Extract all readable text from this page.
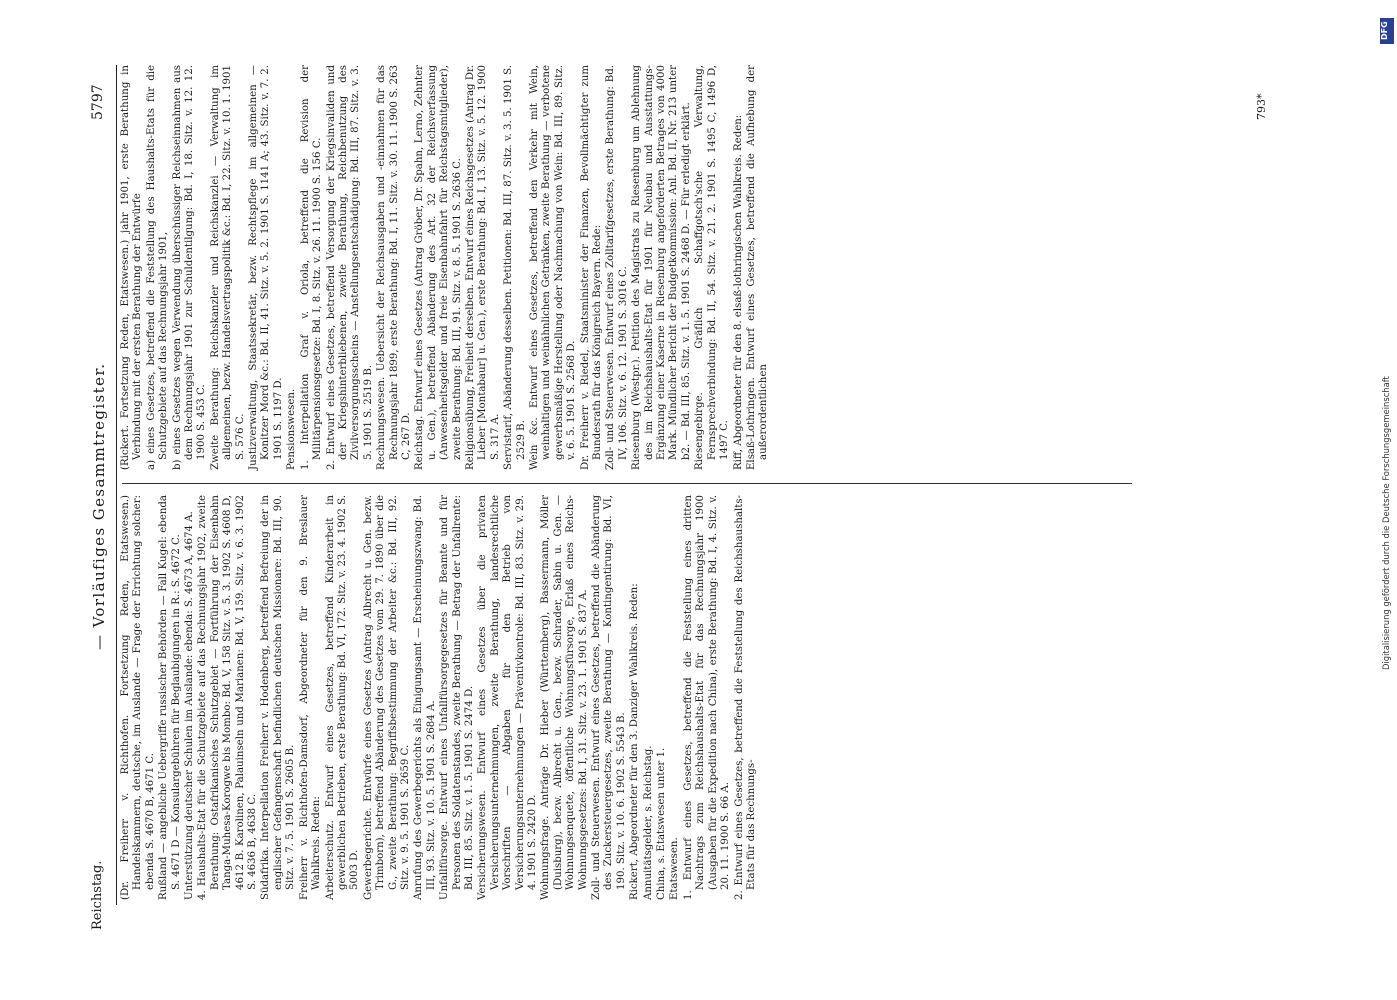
Reichstag.
— Vorläufiges Gesammtregister.
5797

(Dr. Freiherr v. Richthofen. Fortsetzung Reden, Etatswesen.) Handelskammern, deutsche, im Auslande — Frage der Errichtung solcher: ebenda S. 4670 B, 4671 C. Rußland — angebliche Uebergriffe russischer Behörden — Fall Kugel: ebenda S. 4671 D — Konsulargebühren für Beglaubigungen in R.: S. 4672 C. Unterstützung deutscher Schulen im Auslande: ebenda: S. 4673 A, 4674 A. 4. Haushalts-Etat für die Schutzgebiete auf das Rechnungsjahr 1902, zweite Berathung: Ostafrikanisches Schutzgebiet — Fortführung der Eisenbahn Tanga-Muhesa-Korogwe bis Mombo: Bd. V, 158 Sitz. v. 5. 3. 1902 S. 4608 D, 4612 B. Karolinen, Palauinseln und Marianen: Bd. V, 159. Sitz. v. 6. 3. 1902 S. 4636 B, 4638 C. Südafrika. Interpellation Freiherr v. Hodenberg, betreffend Befreiung der in englischer Gefangenschaft befindlichen deutschen Missionare: Bd. III, 90. Sitz. v. 7. 5. 1901 S. 2605 B. Freiherr v. Richthofen-Damsdorf, Abgeordneter für den 9. Breslauer Wahlkreis. Reden: Arbeiterschutz. Entwurf eines Gesetzes, betreffend Kinderarbeit in gewerblichen Betrieben, erste Berathung: Bd. VI, 172. Sitz. v. 23. 4. 1902 S. 5003 D. Gewerbegerichte. Entwürfe eines Gesetzes (Antrag Albrecht u. Gen. bezw. Trimborn), betreffend Abänderung des Gesetzes vom 29. 7. 1890 über die G., zweite Berathung: Begriffsbestimmung der Arbeiter &c.: Bd. III, 92. Sitz. v. 9. 5. 1901 S. 2659 C. Anrufung des Gewerbegerichts als Einigungsamt — Erscheinungszwang: Bd. III, 93. Sitz. v. 10. 5. 1901 S. 2684 A. Unfallfürsorge. Entwurf eines Unfallfürsorgegesetzes für Beamte und für Personen des Soldatenstandes, zweite Berathung — Betrag der Unfallrente: Bd. III, 85. Sitz. v. 1. 5. 1901 S. 2474 D. Versicherungswesen. Entwurf eines Gesetzes über die privaten Versicherungsunternehmungen, zweite Berathung, landesrechtliche Vorschriften — Abgaben für den Betrieb von Versicherungsunternehmungen — Präventivkontrole: Bd. III, 83. Sitz. v. 29. 4. 1901 S. 2420 D. Wohnungsfrage. Anträge Dr. Hieber (Württemberg), Bassermann, Möller (Duisburg), bezw. Albrecht u. Gen., bezw. Schrader, Sabin u. Gen. — Wohnungsenquete, öffentliche Wohnungsfürsorge, Erlaß eines Reichs-Wohnungsgesetzes: Bd. I, 31. Sitz. v. 23. 1. 1901 S. 837 A. Zoll- und Steuerwesen. Entwurf eines Gesetzes, betreffend die Abänderung des Zuckersteuergesetzes, zweite Berathung — Kontingentirung: Bd. VI, 190. Sitz. v. 10. 6. 1902 S. 5543 B. Rickert, Abgeordneter für den 3. Danziger Wahlkreis. Reden: Annuitätsgelder, s. Reichstag. China, s. Etatswesen unter 1. Etatswesen. 1. Entwurf eines Gesetzes, betreffend die Feststellung eines dritten Nachtrags zum Reichshaushalts-Etat für das Rechnungsjahr 1900 (Ausgaben für die Expedition nach China), erste Berathung: Bd. I, 4. Sitz. v. 20. 11. 1900 S. 66 A. 2. Entwurf eines Gesetzes, betreffend die Feststellung des Reichshaushalts-Etats für das Rechnungs-

(Rickert. Fortsetzung Reden, Etatswesen.) jahr 1901, erste Berathung in Verbindung mit der ersten Berathung der Entwürfe a) eines Gesetzes, betreffend die Feststellung des Haushalts-Etats für die Schutzgebiete auf das Rechnungsjahr 1901, b) eines Gesetzes wegen Verwendung überschüssiger Reichseinnahmen aus dem Rechnungsjahr 1901 zur Schuldentilgung: Bd. I, 18. Sitz. v. 12. 12. 1900 S. 453 C. Zweite Berathung: Reichskanzler und Reichskanzlei — Verwaltung im allgemeinen, bezw. Handelsvertragspolitik &c.: Bd. I, 22. Sitz. v. 10. 1. 1901 S. 576 C. Justizverwaltung, Staatssekretär, bezw. Rechtspflege im allgemeinen — Konitzer Mord &c.: Bd. II, 41. Sitz. v. 5. 2. 1901 S. 1141 A; 43. Sitz. v. 7. 2. 1901 S. 1197 D. Pensionswesen. 1. Interpellation Graf v. Oriola, betreffend die Revision der Militärpensionsgesetze: Bd. I, 8. Sitz. v. 26. 11. 1900 S. 156 C. 2. Entwurf eines Gesetzes, betreffend Versorgung der Kriegsinvaliden und der Kriegshinterbliebenen, zweite Berathung, Reichbenutzung des Zivilversorgungsscheins — Anstellungsentschädigung: Bd. III, 87. Sitz. v. 3. 5. 1901 S. 2519 B. Rechnungswesen. Uebersicht der Reichsausgaben und -einnahmen für das Rechnungsjahr 1899, erste Berathung: Bd. I, 11. Sitz. v. 30. 11. 1900 S. 263 C, 267 D. Reichstag. Entwurf eines Gesetzes (Antrag Gröber, Dr. Spahn, Lerno, Zehnter u. Gen.), betreffend Abänderung des Art. 32 der Reichsverfassung (Anwesenheitsgelder und freie Eisenbahnfahrt für Reichstagsmitglieder), zweite Berathung: Bd. III, 91. Sitz. v. 8. 5. 1901 S. 2636 C. Religionsübung, Freiheit derselben. Entwurf eines Reichsgesetzes (Antrag Dr. Lieber [Montabaur] u. Gen.), erste Berathung: Bd. I, 13. Sitz. v. 5. 12. 1900 S. 317 A. Servistarif, Abänderung desselben. Petitionen: Bd. III, 87. Sitz. v. 3. 5. 1901 S. 2529 B. Wein &c. Entwurf eines Gesetzes, betreffend den Verkehr mit Wein, weinhaltigen und weinähnlichen Getränken, zweite Berathung — verbotene gewerbsmäßige Herstellung oder Nachmachung von Wein: Bd. III, 89. Sitz. v. 6. 5. 1901 S. 2568 D. Dr. Freiherr v. Riedel, Staatsminister der Finanzen, Bevollmächtigter zum Bundesrath für das Königreich Bayern. Rede: Zoll- und Steuerwesen. Entwurf eines Zolltarifgesetzes, erste Berathung: Bd. IV, 106. Sitz. v. 6. 12. 1901 S. 3016 C. Riesenburg (Westpr.). Petition des Magistrats zu Riesenburg um Ablehnung des im Reichshaushalts-Etat für 1901 für Neubau und Ausstattungs-Ergänzung einer Kaserne in Riesenburg angeforderten Betrages von 4000 Mark. Mündlicher Bericht der Budgetkommission: Anl. Bd. II, Nr. 213 unter b2. — Bd. III, 85. Sitz. v. 1. 5. 1901 S. 2468 D. — Für erledigt erklärt. Riesengebirge. Gräflich Schaffgotsch'sche Verwaltung, Fernsprechverbindung: Bd. II, 54. Sitz. v. 21. 2. 1901 S. 1495 C, 1496 D, 1497 C. Riff, Abgeordneter für den 8. elsaß-lothringischen Wahlkreis. Reden: Elsaß-Lothringen. Entwurf eines Gesetzes, betreffend die Aufhebung der außerordentlichen

793*
DFG
Digitalisierung gefördert durch die Deutsche Forschungsgemeinschaft
